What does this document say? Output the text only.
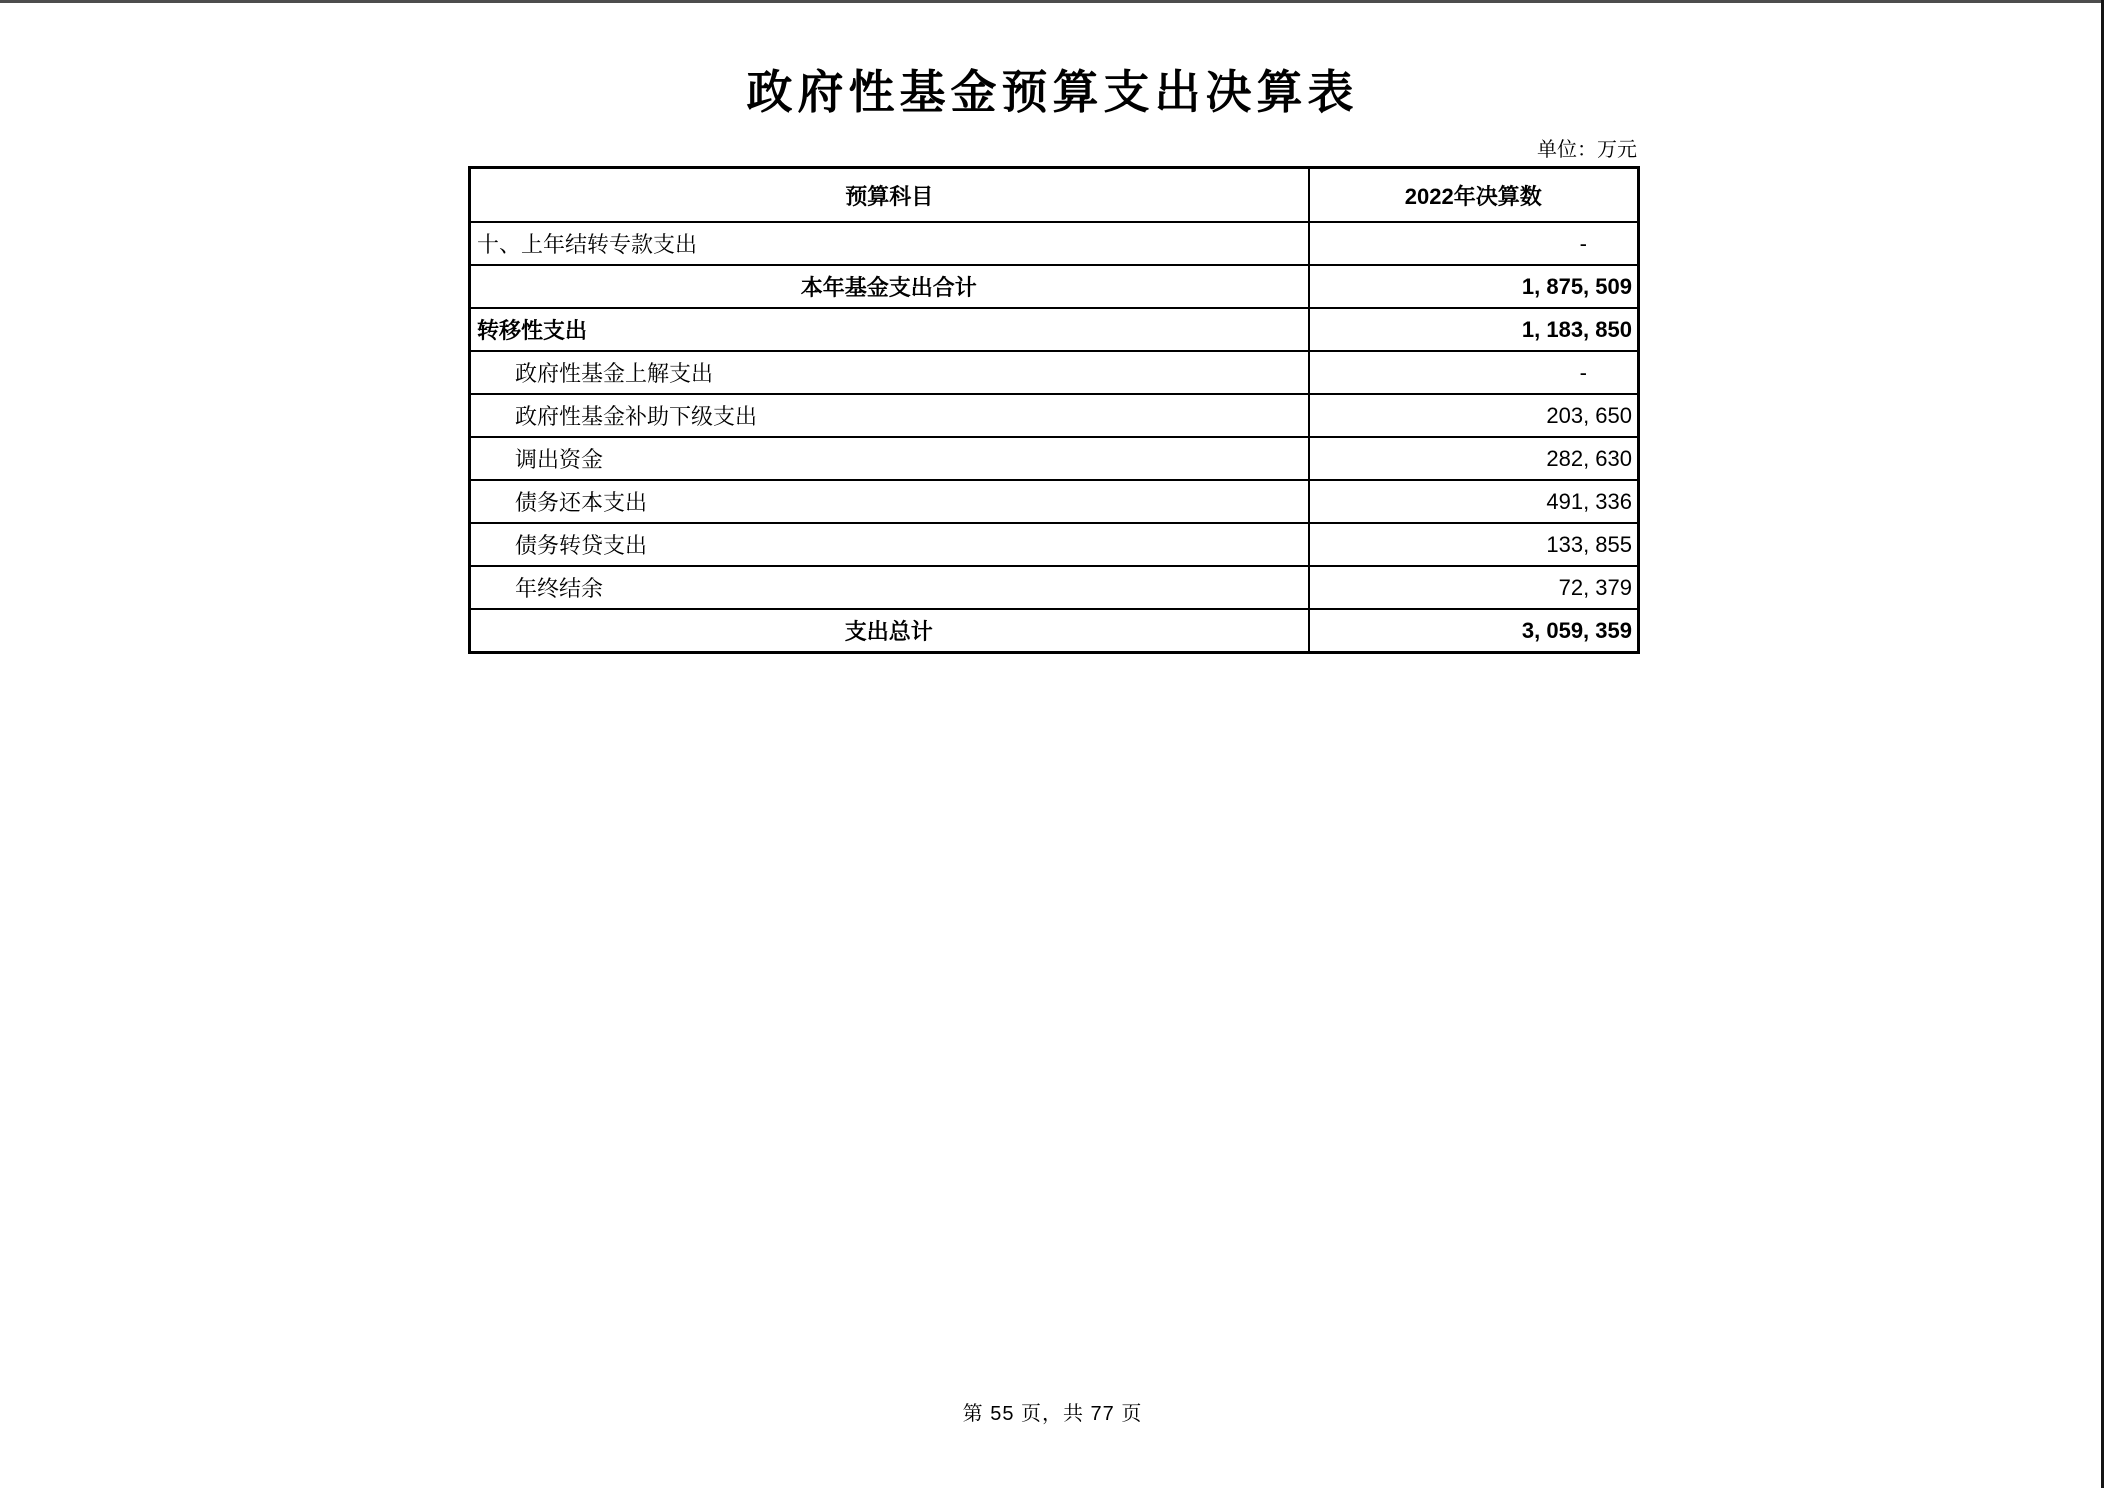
政府性基金预算支出决算表
单位：万元
预算科目	2022年决算数
十、上年结转专款支出	-
本年基金支出合计	1, 875, 509
转移性支出	1, 183, 850
政府性基金上解支出	-
政府性基金补助下级支出	203, 650
调出资金	282, 630
债务还本支出	491, 336
债务转贷支出	133, 855
年终结余	72, 379
支出总计	3, 059, 359
第 55 页，共 77 页
